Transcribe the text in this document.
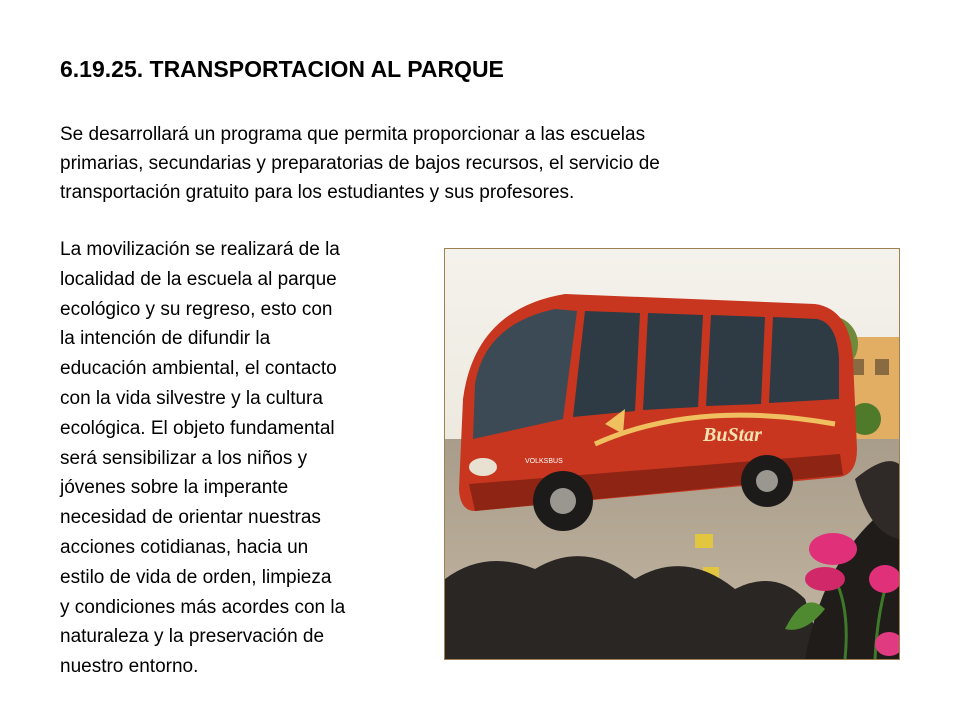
6.19.25. TRANSPORTACION AL PARQUE
Se desarrollará un programa que permita proporcionar a las escuelas
primarias, secundarias y preparatorias de bajos recursos, el servicio de
transportación gratuito para los estudiantes y sus profesores.
La movilización se realizará de la
localidad de la escuela al parque
ecológico y su regreso, esto con
la intención de difundir la
educación ambiental, el contacto
con la vida silvestre y la cultura
ecológica. El objeto fundamental
será sensibilizar a los niños y
jóvenes sobre la imperante
necesidad de orientar nuestras
acciones cotidianas, hacia un
estilo de vida de orden, limpieza
y condiciones más acordes con la
naturaleza y la preservación de
nuestro entorno.
BuStar
VOLKSBUS
